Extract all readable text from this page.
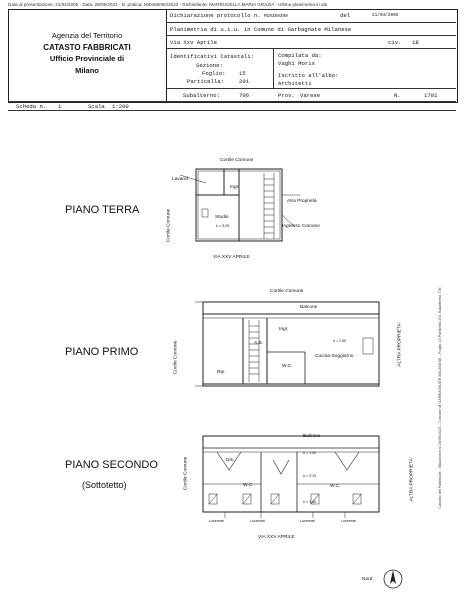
Data di presentazione: 21/04/2005 - Data: 28/09/2023 - N. pratica: MI0466093/2023 - Richiedente: MARRUCELLA MARIA GRAZIA - Ultima planimetria in atti
Agenzia del Territorio
CATASTO FABBRICATI
Ufficio Provinciale di
Milano
Dichiarazione protocollo n. MI0359390	del	21/04/2005
Planimetria di u.i.u. in Comune di Garbagnate Milanese
Via Xxv Aprile	civ. 18
Identificativi Catastali:
Sezione:
Foglio: 15
Particella:	201
Subalterno:	706
Compilata da:
Vaghi Moris
Iscritto all'albo:
Architetti
Prov. Varese	N.	1781
Scheda n. 1	Scala 1:200
Catasto dei Fabbricati - Situazione al 28/09/2023 - Comune di GARBAGNATE MILANESE - Foglio 15 Particella 201 Subalterno 706
PIANO TERRA
Cortile Comune
Lavand.
Ingr.
Atra Proprietà
Studio
h = 3.25	Ingresso Comune
Cortile Comune
VIA XXV APRILE
PIANO PRIMO
Cortile Comune
Balcone
Ingr.
A.B.	h = 2.50
Cucina-Soggiorno
Rip.
W.C.
Cortile Comune	ALTRA PROPRIETA'
PIANO SECONDO
(Sottotetto)
Balcone
Dis.
h = 1.50
h = 3.10
W.C.	W.C.
h = 1.50
Lucernari	Lucernari	Lucernari	Lucernari
Cortile Comune	ALTRA PROPRIETA'
VIA XXV APRILE
Nord
